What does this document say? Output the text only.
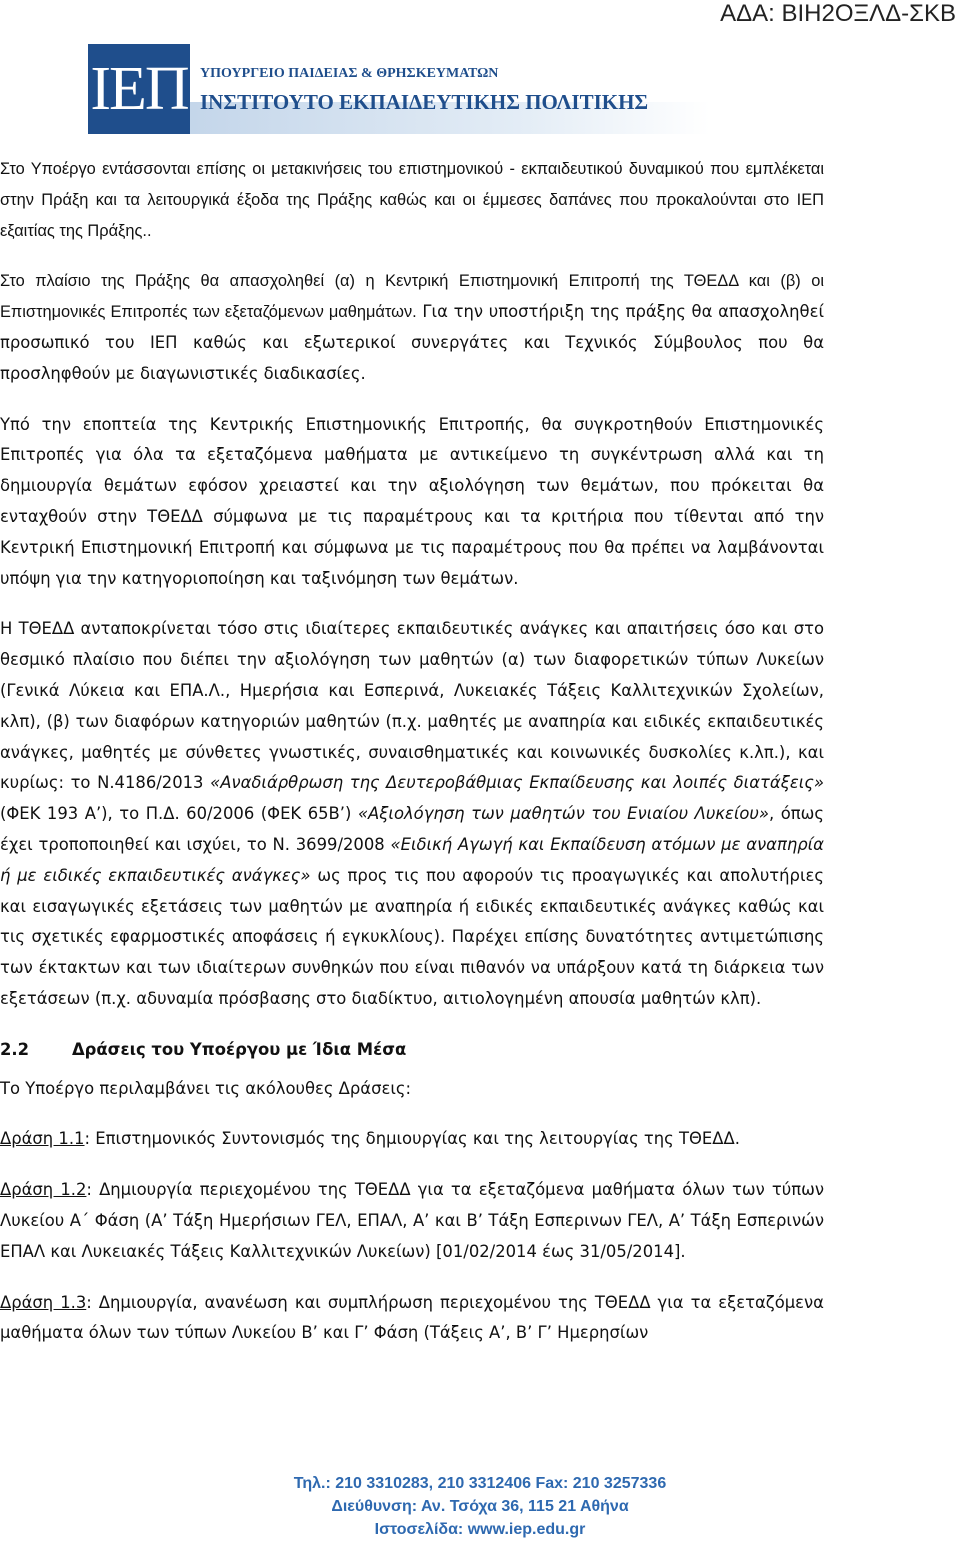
ΑΔΑ: ΒΙΗ2ΟΞΛΔ-ΣΚΒ
ΙΕΠ ΥΠΟΥΡΓΕΙΟ ΠΑΙΔΕΙΑΣ & ΘΡΗΣΚΕΥΜΑΤΩΝ
ΙΝΣΤΙΤΟΥΤΟ ΕΚΠΑΙΔΕΥΤΙΚΗΣ ΠΟΛΙΤΙΚΗΣ

Στο Υποέργο εντάσσονται επίσης οι μετακινήσεις του επιστημονικού - εκπαιδευτικού δυναμικού που εμπλέκεται στην Πράξη και τα λειτουργικά έξοδα της Πράξης καθώς και οι έμμεσες δαπάνες που προκαλούνται στο ΙΕΠ εξαιτίας της Πράξης..

Στο πλαίσιο της Πράξης θα απασχοληθεί (α) η Κεντρική Επιστημονική Επιτροπή της ΤΘΕΔΔ και (β) οι Επιστημονικές Επιτροπές των εξεταζόμενων μαθημάτων. Για την υποστήριξη της πράξης θα απασχοληθεί προσωπικό του ΙΕΠ καθώς και εξωτερικοί συνεργάτες και Τεχνικός Σύμβουλος που θα προσληφθούν με διαγωνιστικές διαδικασίες.

Υπό την εποπτεία της Κεντρικής Επιστημονικής Επιτροπής, θα συγκροτηθούν Επιστημονικές Επιτροπές για όλα τα εξεταζόμενα μαθήματα με αντικείμενο τη συγκέντρωση αλλά και τη δημιουργία θεμάτων εφόσον χρειαστεί και την αξιολόγηση των θεμάτων, που πρόκειται θα ενταχθούν στην ΤΘΕΔΔ σύμφωνα με τις παραμέτρους και τα κριτήρια που τίθενται από την Κεντρική Επιστημονική Επιτροπή και σύμφωνα με τις παραμέτρους που θα πρέπει να λαμβάνονται υπόψη για την κατηγοριοποίηση και ταξινόμηση των θεμάτων.

Η ΤΘΕΔΔ ανταποκρίνεται τόσο στις ιδιαίτερες εκπαιδευτικές ανάγκες και απαιτήσεις όσο και στο θεσμικό πλαίσιο που διέπει την αξιολόγηση των μαθητών (α) των διαφορετικών τύπων Λυκείων (Γενικά Λύκεια και ΕΠΑ.Λ., Ημερήσια και Εσπερινά, Λυκειακές Τάξεις Καλλιτεχνικών Σχολείων, κλπ), (β) των διαφόρων κατηγοριών μαθητών (π.χ. μαθητές με αναπηρία και ειδικές εκπαιδευτικές ανάγκες, μαθητές με σύνθετες γνωστικές, συναισθηματικές και κοινωνικές δυσκολίες κ.λπ.), και κυρίως: το Ν.4186/2013 «Αναδιάρθρωση της Δευτεροβάθμιας Εκπαίδευσης και λοιπές διατάξεις» (ΦΕΚ 193 Α’), το Π.Δ. 60/2006 (ΦΕΚ 65Β’) «Αξιολόγηση των μαθητών του Ενιαίου Λυκείου», όπως έχει τροποποιηθεί και ισχύει, το Ν. 3699/2008 «Ειδική Αγωγή και Εκπαίδευση ατόμων με αναπηρία ή με ειδικές εκπαιδευτικές ανάγκες» ως προς τις που αφορούν τις προαγωγικές και απολυτήριες και εισαγωγικές εξετάσεις των μαθητών με αναπηρία ή ειδικές εκπαιδευτικές ανάγκες καθώς και τις σχετικές εφαρμοστικές αποφάσεις ή εγκυκλίους). Παρέχει επίσης δυνατότητες αντιμετώπισης των έκτακτων και των ιδιαίτερων συνθηκών που είναι πιθανόν να υπάρξουν κατά τη διάρκεια των εξετάσεων (π.χ. αδυναμία πρόσβασης στο διαδίκτυο, αιτιολογημένη απουσία μαθητών κλπ).

2.2	Δράσεις του Υποέργου με Ίδια Μέσα

Το Υποέργο περιλαμβάνει τις ακόλουθες Δράσεις:

Δράση 1.1: Επιστημονικός Συντονισμός της δημιουργίας και της λειτουργίας της ΤΘΕΔΔ.

Δράση 1.2: Δημιουργία περιεχομένου της ΤΘΕΔΔ για τα εξεταζόμενα μαθήματα όλων των τύπων Λυκείου Α΄ Φάση (Α’ Τάξη Ημερήσιων ΓΕΛ, ΕΠΑΛ, Α’ και Β’ Τάξη Εσπερινων ΓΕΛ, Α’ Τάξη Εσπερινών ΕΠΑΛ και Λυκειακές Τάξεις Καλλιτεχνικών Λυκείων) [01/02/2014 έως 31/05/2014].

Δράση 1.3: Δημιουργία, ανανέωση και συμπλήρωση περιεχομένου της ΤΘΕΔΔ για τα εξεταζόμενα μαθήματα όλων των τύπων Λυκείου Β’ και Γ’ Φάση (Τάξεις Α’, Β’ Γ’ Ημερησίων

Τηλ.: 210 3310283, 210 3312406 Fax: 210 3257336
Διεύθυνση: Αν. Τσόχα 36, 115 21 Αθήνα
Ιστοσελίδα: www.iep.edu.gr
